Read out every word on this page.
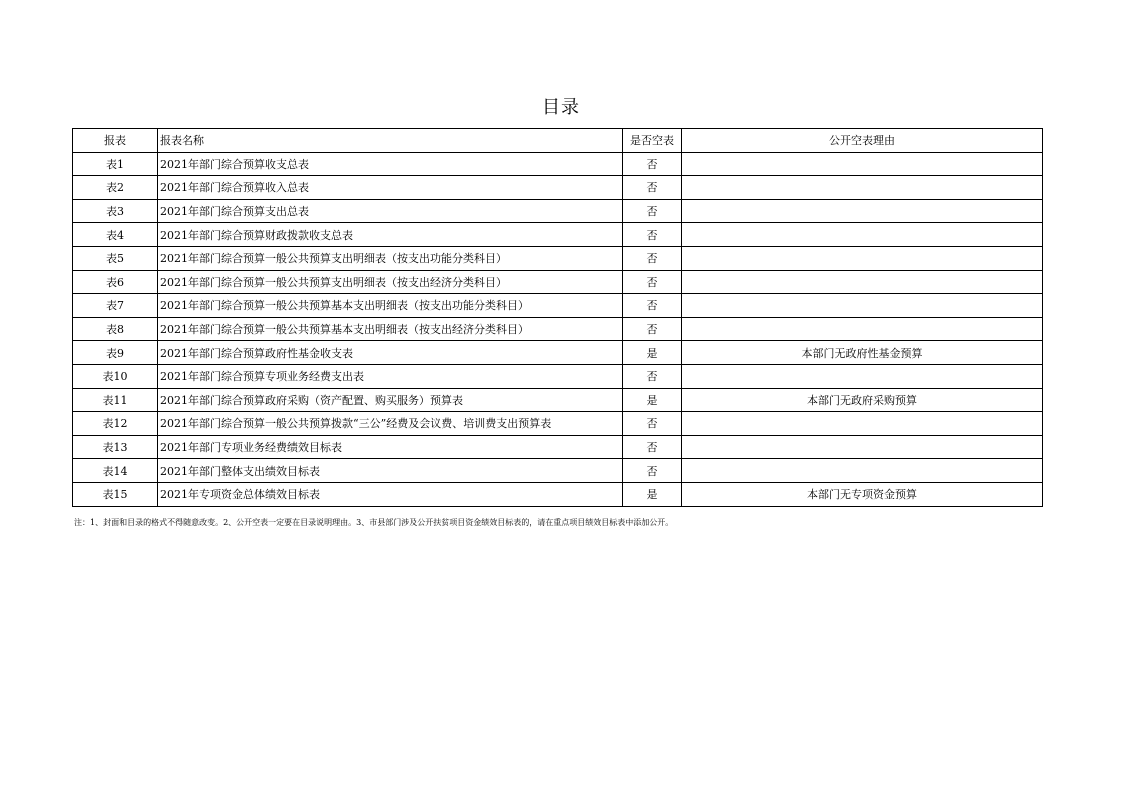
目录
报表	报表名称	是否空表	公开空表理由
表1	2021年部门综合预算收支总表	否	
表2	2021年部门综合预算收入总表	否	
表3	2021年部门综合预算支出总表	否	
表4	2021年部门综合预算财政拨款收支总表	否	
表5	2021年部门综合预算一般公共预算支出明细表（按支出功能分类科目）	否	
表6	2021年部门综合预算一般公共预算支出明细表（按支出经济分类科目）	否	
表7	2021年部门综合预算一般公共预算基本支出明细表（按支出功能分类科目）	否	
表8	2021年部门综合预算一般公共预算基本支出明细表（按支出经济分类科目）	否	
表9	2021年部门综合预算政府性基金收支表	是	本部门无政府性基金预算
表10	2021年部门综合预算专项业务经费支出表	否	
表11	2021年部门综合预算政府采购（资产配置、购买服务）预算表	是	本部门无政府采购预算
表12	2021年部门综合预算一般公共预算拨款“三公”经费及会议费、培训费支出预算表	否	
表13	2021年部门专项业务经费绩效目标表	否	
表14	2021年部门整体支出绩效目标表	否	
表15	2021年专项资金总体绩效目标表	是	本部门无专项资金预算
注：1、封面和目录的格式不得随意改变。2、公开空表一定要在目录说明理由。3、市县部门涉及公开扶贫项目资金绩效目标表的，请在重点项目绩效目标表中添加公开。
